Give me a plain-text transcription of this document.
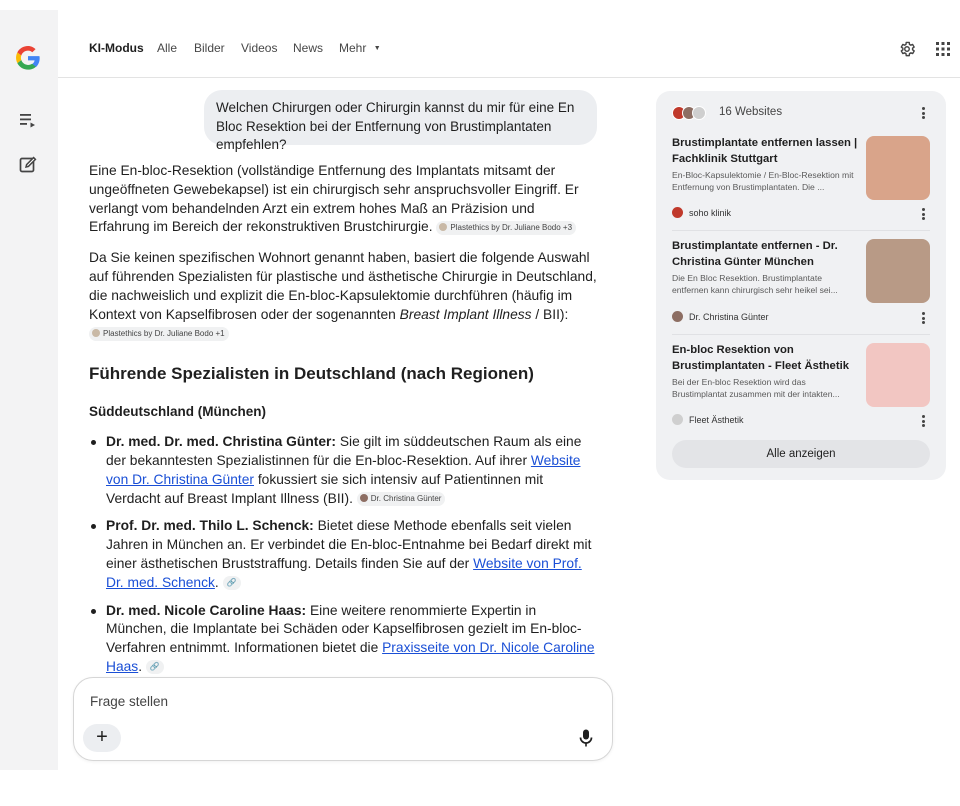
KI-Modus Alle Bilder Videos News Mehr ▼
Welchen Chirurgen oder Chirurgin kannst du mir für eine En Bloc Resektion bei der Entfernung von Brustimplantaten empfehlen?

Eine En-bloc-Resektion (vollständige Entfernung des Implantats mitsamt der ungeöffneten Gewebekapsel) ist ein chirurgisch sehr anspruchsvoller Eingriff. Er verlangt vom behandelnden Arzt ein extrem hohes Maß an Präzision und Erfahrung im Bereich der rekonstruktiven Brustchirurgie. Plastethics by Dr. Juliane Bodo +3

Da Sie keinen spezifischen Wohnort genannt haben, basiert die folgende Auswahl auf führenden Spezialisten für plastische und ästhetische Chirurgie in Deutschland, die nachweislich und explizit die En-bloc-Kapsulektomie durchführen (häufig im Kontext von Kapselfibrosen oder der sogenannten Breast Implant Illness / BII): Plastethics by Dr. Juliane Bodo +1

Führende Spezialisten in Deutschland (nach Regionen)
Süddeutschland (München)
Dr. med. Dr. med. Christina Günter: Sie gilt im süddeutschen Raum als eine der bekanntesten Spezialistinnen für die En-bloc-Resektion. Auf ihrer Website von Dr. Christina Günter fokussiert sie sich intensiv auf Patientinnen mit Verdacht auf Breast Implant Illness (BII). Dr. Christina Günter
Prof. Dr. med. Thilo L. Schenck: Bietet diese Methode ebenfalls seit vielen Jahren in München an. Er verbindet die En-bloc-Entnahme bei Bedarf direkt mit einer ästhetischen Bruststraffung. Details finden Sie auf der Website von Prof. Dr. med. Schenck. 🔗
Dr. med. Nicole Caroline Haas: Eine weitere renommierte Expertin in München, die Implantate bei Schäden oder Kapselfibrosen gezielt im En-bloc-Verfahren entnimmt. Informationen bietet die Praxisseite von Dr. Nicole Caroline Haas. 🔗
Frage stellen
+
16 Websites
Brustimplantate entfernen lassen | Fachklinik Stuttgart
En-Bloc-Kapsulektomie / En-Bloc-Resektion mit Entfernung von Brustimplantaten. Die ...
soho klinik
Brustimplantate entfernen - Dr. Christina Günter München
Die En Bloc Resektion. Brustimplantate entfernen kann chirurgisch sehr heikel sei...
Dr. Christina Günter
En-bloc Resektion von Brustimplantaten - Fleet Ästhetik
Bei der En-bloc Resektion wird das Brustimplantat zusammen mit der intakten...
Fleet Ästhetik
Alle anzeigen
